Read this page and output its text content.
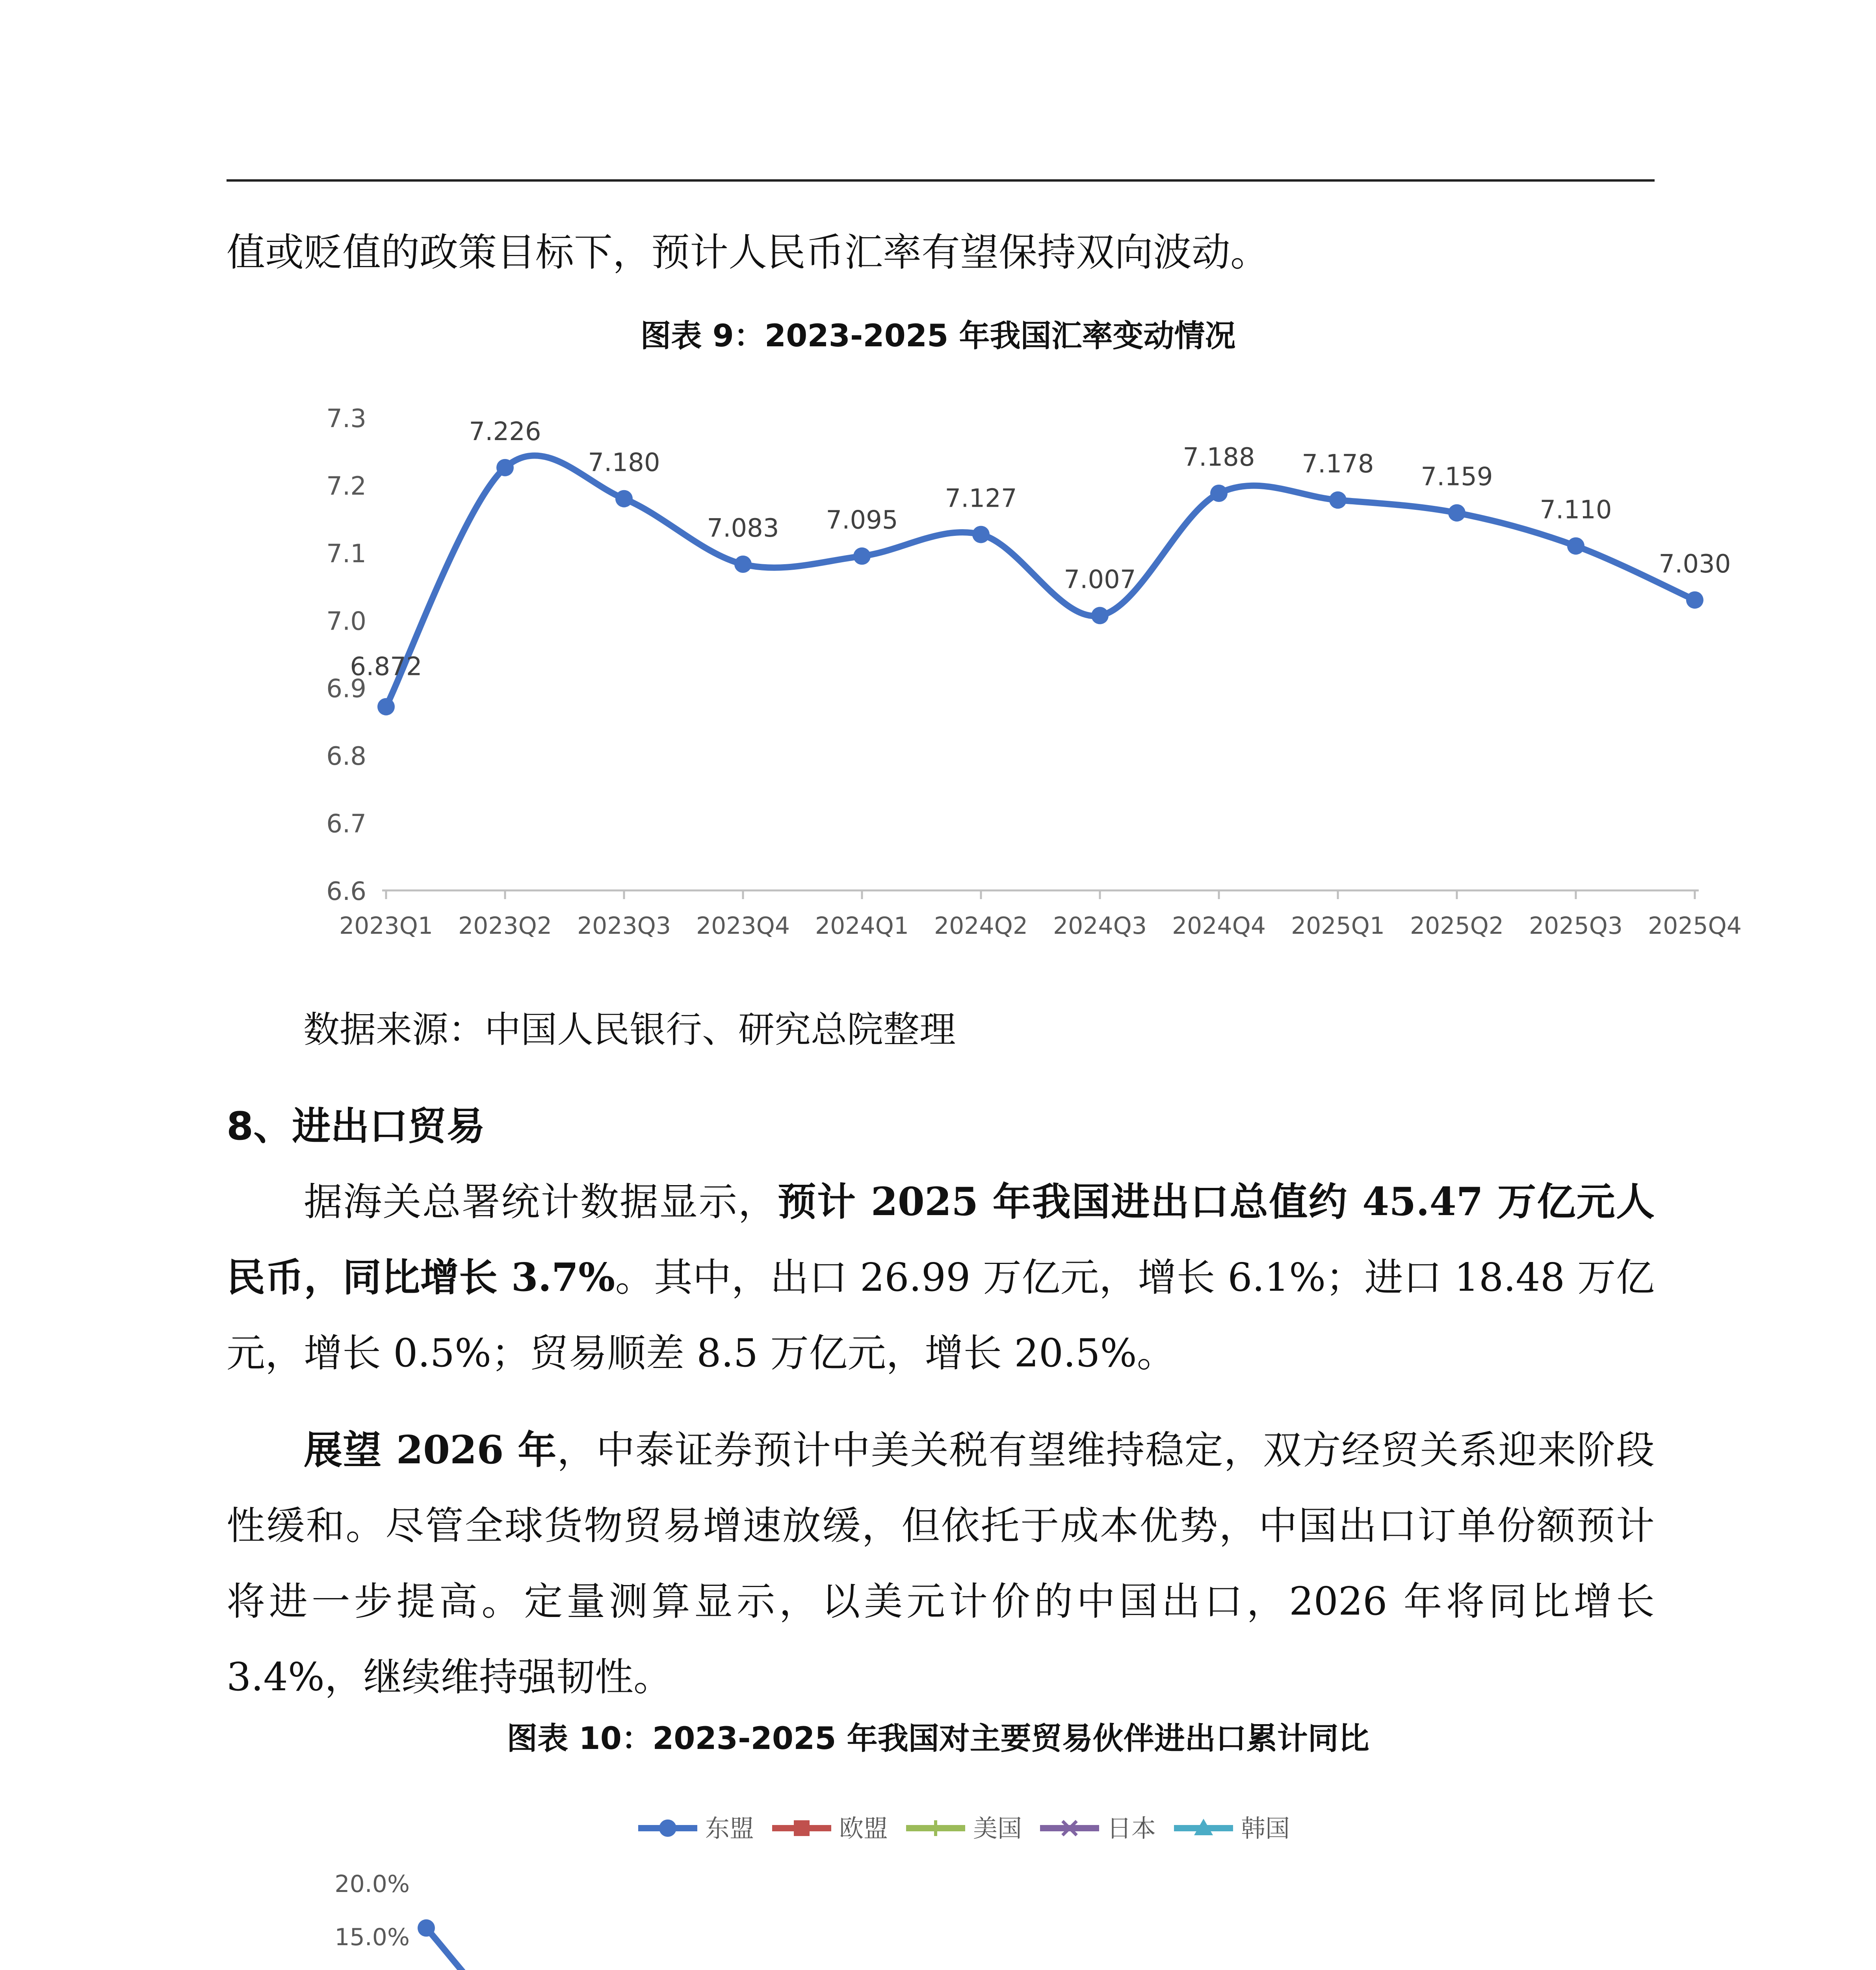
值或贬值的政策目标下，预计人民币汇率有望保持双向波动。

图表 9：2023-2025 年我国汇率变动情况

6.6
6.7
6.8
6.9
7.0
7.1
7.2
7.3
2023Q1 2023Q2 2023Q3 2023Q4 2024Q1 2024Q2 2024Q3 2024Q4 2025Q1 2025Q2 2025Q3 2025Q4
6.872
7.226
7.180
7.083 7.095
7.127
7.007
7.188 7.178 7.159
7.110
7.030

数据来源：中国人民银行、研究总院整理

8、进出口贸易

据海关总署统计数据显示，预计 2025 年我国进出口总值约 45.47 万亿元人民币，同比增长 3.7%。其中，出口 26.99 万亿元，增长 6.1%；进口 18.48 万亿元，增长 0.5%；贸易顺差 8.5 万亿元，增长 20.5%。

展望 2026 年，中泰证券预计中美关税有望维持稳定，双方经贸关系迎来阶段性缓和。尽管全球货物贸易增速放缓，但依托于成本优势，中国出口订单份额预计将进一步提高。定量测算显示，以美元计价的中国出口，2026 年将同比增长 3.4%，继续维持强韧性。

图表 10：2023-2025 年我国对主要贸易伙伴进出口累计同比

东盟	欧盟	美国	日本	韩国
15.0%
20.0%
